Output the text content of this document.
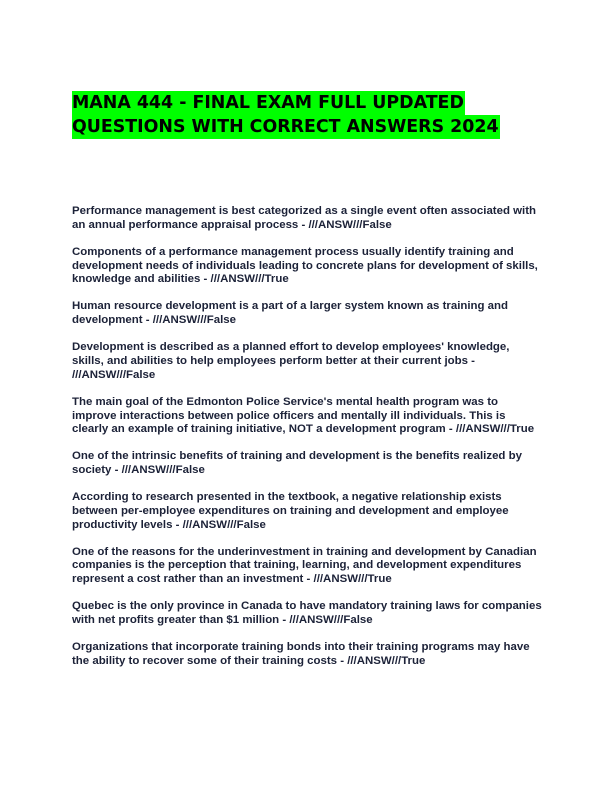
MANA 444 - FINAL EXAM FULL UPDATED
QUESTIONS WITH CORRECT ANSWERS 2024

Performance management is best categorized as a single event often associated with an annual performance appraisal process - ///ANSW///False

Components of a performance management process usually identify training and development needs of individuals leading to concrete plans for development of skills, knowledge and abilities - ///ANSW///True

Human resource development is a part of a larger system known as training and development - ///ANSW///False

Development is described as a planned effort to develop employees' knowledge, skills, and abilities to help employees perform better at their current jobs - ///ANSW///False

The main goal of the Edmonton Police Service's mental health program was to improve interactions between police officers and mentally ill individuals. This is clearly an example of training initiative, NOT a development program - ///ANSW///True

One of the intrinsic benefits of training and development is the benefits realized by society - ///ANSW///False

According to research presented in the textbook, a negative relationship exists between per-employee expenditures on training and development and employee productivity levels - ///ANSW///False

One of the reasons for the underinvestment in training and development by Canadian companies is the perception that training, learning, and development expenditures represent a cost rather than an investment - ///ANSW///True

Quebec is the only province in Canada to have mandatory training laws for companies with net profits greater than $1 million - ///ANSW///False

Organizations that incorporate training bonds into their training programs may have the ability to recover some of their training costs - ///ANSW///True
